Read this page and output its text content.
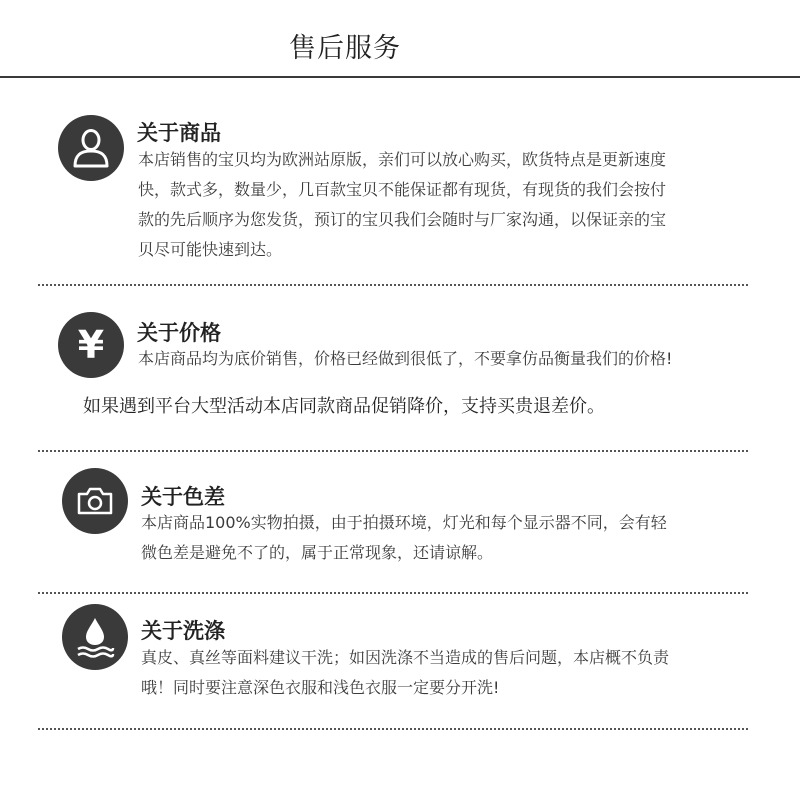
售后服务
关于商品
本店销售的宝贝均为欧洲站原版，亲们可以放心购买，欧货特点是更新速度
快，款式多，数量少，几百款宝贝不能保证都有现货，有现货的我们会按付
款的先后顺序为您发货，预订的宝贝我们会随时与厂家沟通，以保证亲的宝
贝尽可能快速到达。
¥ 关于价格
本店商品均为底价销售，价格已经做到很低了，不要拿仿品衡量我们的价格!
如果遇到平台大型活动本店同款商品促销降价，支持买贵退差价。
关于色差
本店商品100%实物拍摄，由于拍摄环境，灯光和每个显示器不同，会有轻
微色差是避免不了的，属于正常现象，还请谅解。
关于洗涤
真皮、真丝等面料建议干洗；如因洗涤不当造成的售后问题，本店概不负责
哦！同时要注意深色衣服和浅色衣服一定要分开洗!
